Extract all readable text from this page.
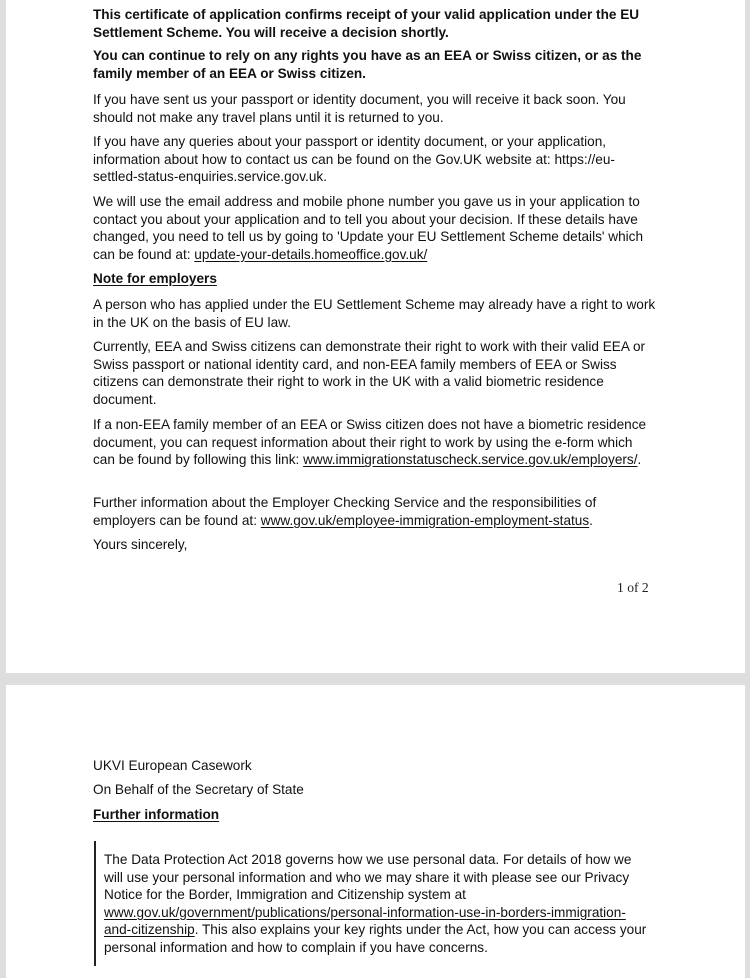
This certificate of application confirms receipt of your valid application under the EU Settlement Scheme. You will receive a decision shortly.

You can continue to rely on any rights you have as an EEA or Swiss citizen, or as the family member of an EEA or Swiss citizen.

If you have sent us your passport or identity document, you will receive it back soon. You should not make any travel plans until it is returned to you.

If you have any queries about your passport or identity document, or your application, information about how to contact us can be found on the Gov.UK website at: https://eu-settled-status-enquiries.service.gov.uk.

We will use the email address and mobile phone number you gave us in your application to contact you about your application and to tell you about your decision. If these details have changed, you need to tell us by going to 'Update your EU Settlement Scheme details' which can be found at: update-your-details.homeoffice.gov.uk/

Note for employers

A person who has applied under the EU Settlement Scheme may already have a right to work in the UK on the basis of EU law.

Currently, EEA and Swiss citizens can demonstrate their right to work with their valid EEA or Swiss passport or national identity card, and non-EEA family members of EEA or Swiss citizens can demonstrate their right to work in the UK with a valid biometric residence document.

If a non-EEA family member of an EEA or Swiss citizen does not have a biometric residence document, you can request information about their right to work by using the e-form which can be found by following this link: www.immigrationstatuscheck.service.gov.uk/employers/.

Further information about the Employer Checking Service and the responsibilities of employers can be found at: www.gov.uk/employee-immigration-employment-status.

Yours sincerely,

1 of 2

UKVI European Casework

On Behalf of the Secretary of State

Further information

The Data Protection Act 2018 governs how we use personal data. For details of how we will use your personal information and who we may share it with please see our Privacy Notice for the Border, Immigration and Citizenship system at www.gov.uk/government/publications/personal-information-use-in-borders-immigration-and-citizenship. This also explains your key rights under the Act, how you can access your personal information and how to complain if you have concerns.
